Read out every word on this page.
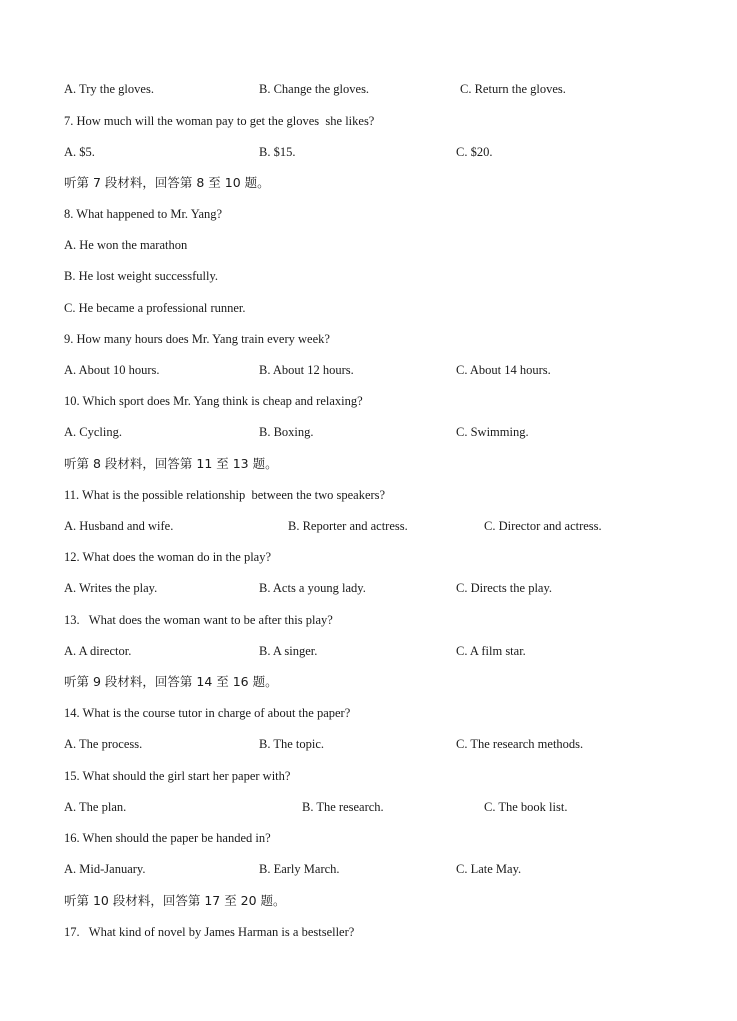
A. Try the gloves.	B. Change the gloves.	C. Return the gloves.
7. How much will the woman pay to get the gloves  she likes?
A. $5.	B. $15.	C. $20.
听第 7 段材料，回答第 8 至 10 题。
8. What happened to Mr. Yang?
A. He won the marathon
B. He lost weight successfully.
C. He became a professional runner.
9. How many hours does Mr. Yang train every week?
A. About 10 hours.	B. About 12 hours.	C. About 14 hours.
10. Which sport does Mr. Yang think is cheap and relaxing?
A. Cycling.	B. Boxing.	C. Swimming.
听第 8 段材料，回答第 11 至 13 题。
11. What is the possible relationship  between the two speakers?
A. Husband and wife.	B. Reporter and actress.	C. Director and actress.
12. What does the woman do in the play?
A. Writes the play.	B. Acts a young lady.	C. Directs the play.
13.   What does the woman want to be after this play?
A. A director.	B. A singer.	C. A film star.
听第 9 段材料，回答第 14 至 16 题。
14. What is the course tutor in charge of about the paper?
A. The process.	B. The topic.	C. The research methods.
15. What should the girl start her paper with?
A. The plan.	B. The research.	C. The book list.
16. When should the paper be handed in?
A. Mid-January.	B. Early March.	C. Late May.
听第 10 段材料，回答第 17 至 20 题。
17.   What kind of novel by James Harman is a bestseller?
